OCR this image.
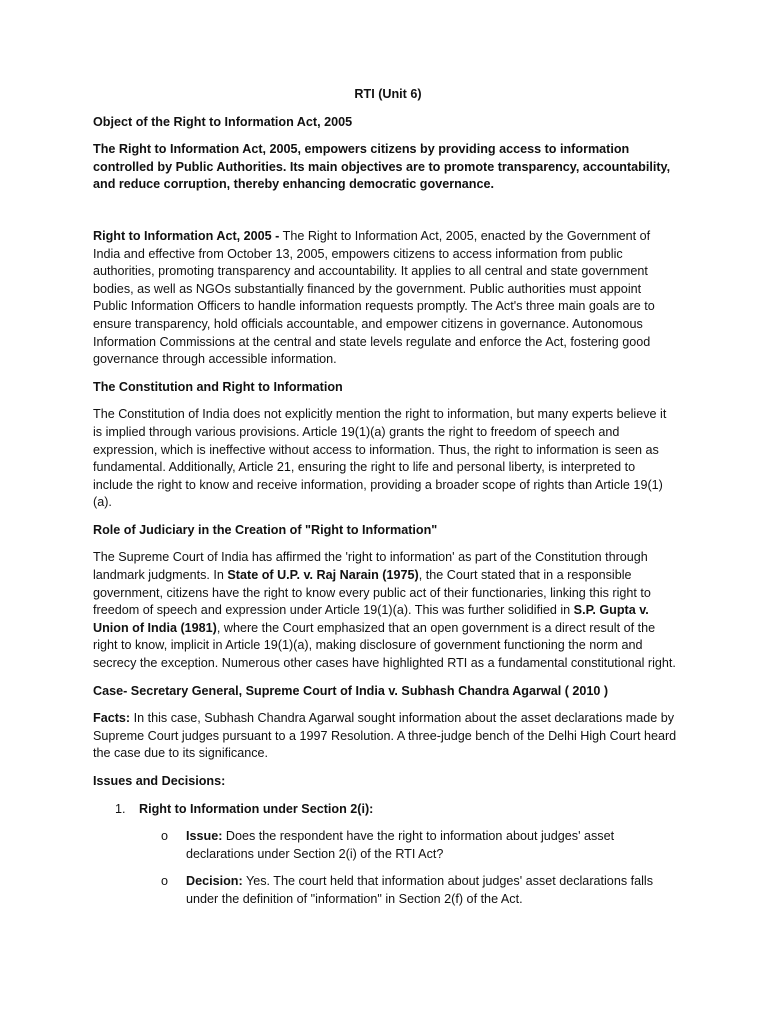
RTI (Unit 6)

Object of the Right to Information Act, 2005

The Right to Information Act, 2005, empowers citizens by providing access to information controlled by Public Authorities. Its main objectives are to promote transparency, accountability, and reduce corruption, thereby enhancing democratic governance.

Right to Information Act, 2005 - The Right to Information Act, 2005, enacted by the Government of India and effective from October 13, 2005, empowers citizens to access information from public authorities, promoting transparency and accountability. It applies to all central and state government bodies, as well as NGOs substantially financed by the government. Public authorities must appoint Public Information Officers to handle information requests promptly. The Act's three main goals are to ensure transparency, hold officials accountable, and empower citizens in governance. Autonomous Information Commissions at the central and state levels regulate and enforce the Act, fostering good governance through accessible information.

The Constitution and Right to Information

The Constitution of India does not explicitly mention the right to information, but many experts believe it is implied through various provisions. Article 19(1)(a) grants the right to freedom of speech and expression, which is ineffective without access to information. Thus, the right to information is seen as fundamental. Additionally, Article 21, ensuring the right to life and personal liberty, is interpreted to include the right to know and receive information, providing a broader scope of rights than Article 19(1)(a).

Role of Judiciary in the Creation of "Right to Information"

The Supreme Court of India has affirmed the 'right to information' as part of the Constitution through landmark judgments. In State of U.P. v. Raj Narain (1975), the Court stated that in a responsible government, citizens have the right to know every public act of their functionaries, linking this right to freedom of speech and expression under Article 19(1)(a). This was further solidified in S.P. Gupta v. Union of India (1981), where the Court emphasized that an open government is a direct result of the right to know, implicit in Article 19(1)(a), making disclosure of government functioning the norm and secrecy the exception. Numerous other cases have highlighted RTI as a fundamental constitutional right.

Case- Secretary General, Supreme Court of India v. Subhash Chandra Agarwal ( 2010 )

Facts: In this case, Subhash Chandra Agarwal sought information about the asset declarations made by Supreme Court judges pursuant to a 1997 Resolution. A three-judge bench of the Delhi High Court heard the case due to its significance.

Issues and Decisions:

1. Right to Information under Section 2(i):

o Issue: Does the respondent have the right to information about judges' asset declarations under Section 2(i) of the RTI Act?

o Decision: Yes. The court held that information about judges' asset declarations falls under the definition of "information" in Section 2(f) of the Act.
